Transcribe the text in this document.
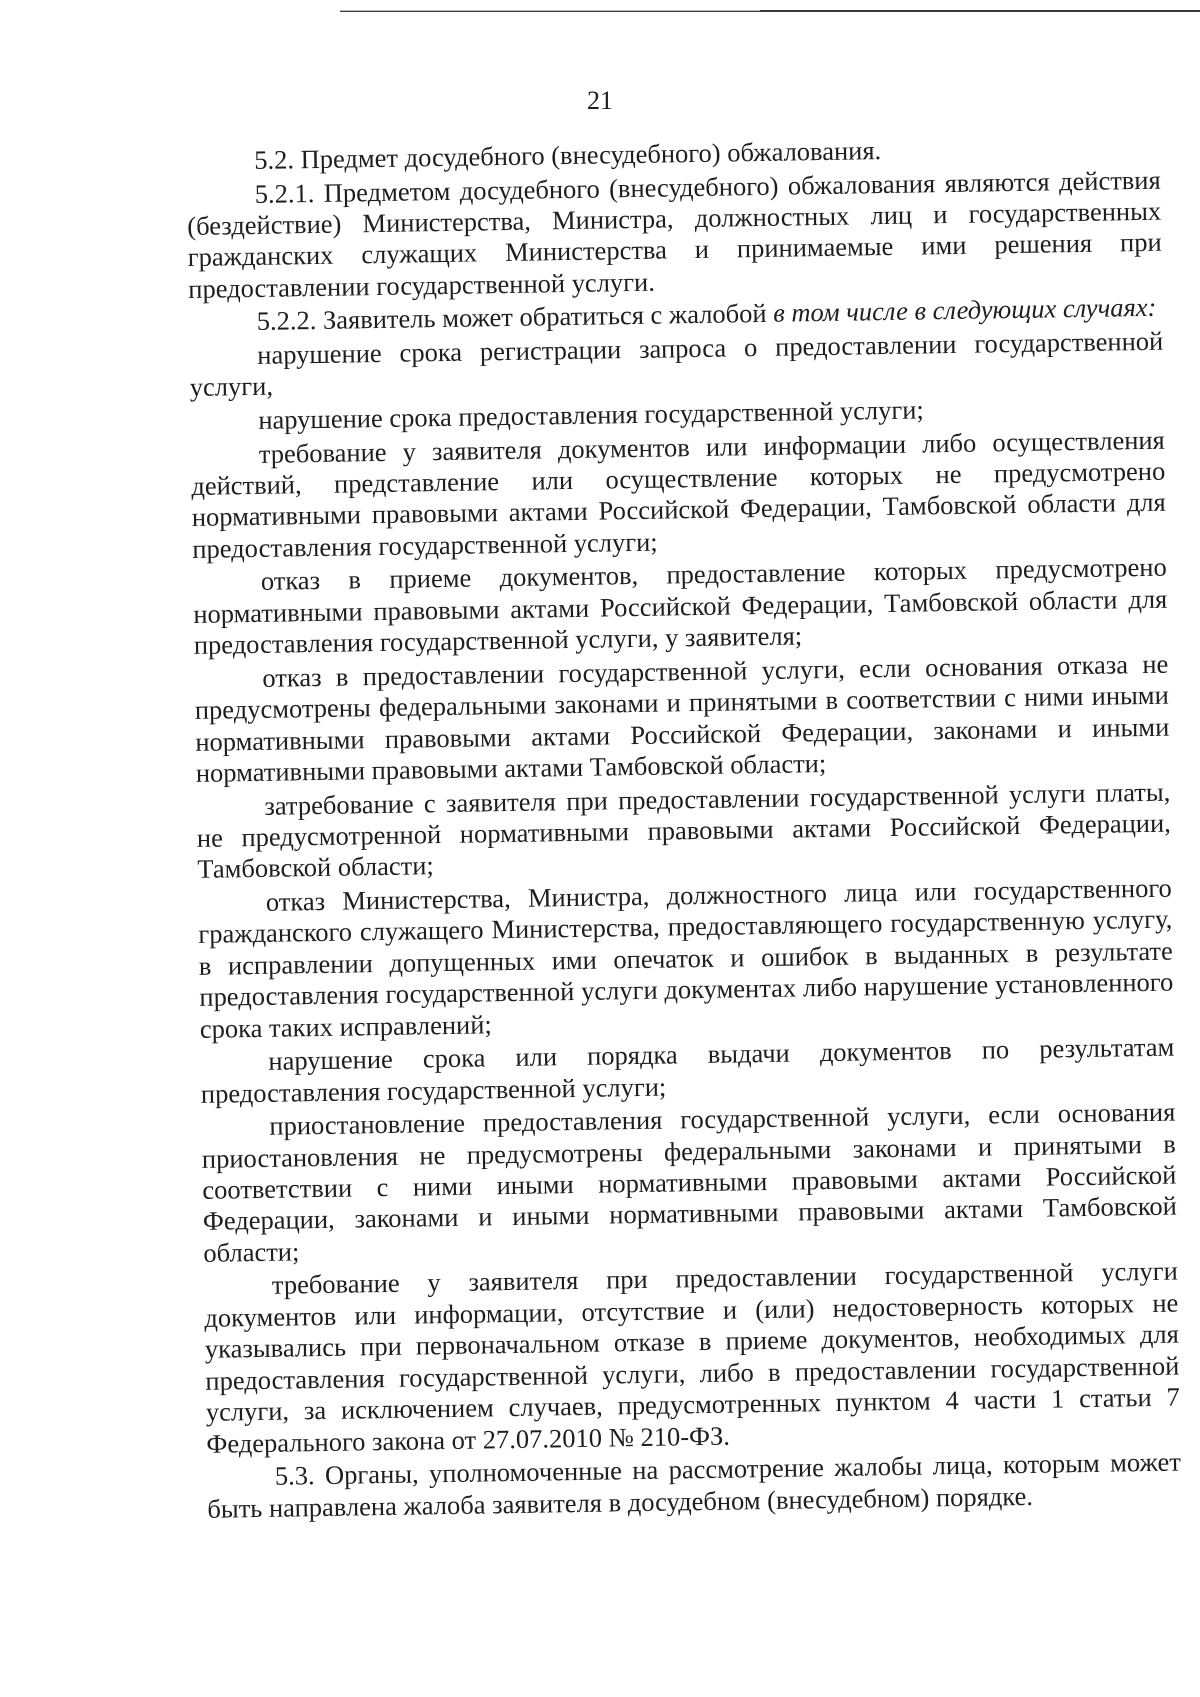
21

5.2. Предмет досудебного (внесудебного) обжалования.

5.2.1. Предметом досудебного (внесудебного) обжалования являются действия (бездействие) Министерства, Министра, должностных лиц и государственных гражданских служащих Министерства и принимаемые ими решения при предоставлении государственной услуги.

5.2.2. Заявитель может обратиться с жалобой в том числе в следующих случаях:

нарушение срока регистрации запроса о предоставлении государственной услуги,

нарушение срока предоставления государственной услуги;

требование у заявителя документов или информации либо осуществления действий, представление или осуществление которых не предусмотрено нормативными правовыми актами Российской Федерации, Тамбовской области для предоставления государственной услуги;

отказ в приеме документов, предоставление которых предусмотрено нормативными правовыми актами Российской Федерации, Тамбовской области для предоставления государственной услуги, у заявителя;

отказ в предоставлении государственной услуги, если основания отказа не предусмотрены федеральными законами и принятыми в соответствии с ними иными нормативными правовыми актами Российской Федерации, законами и иными нормативными правовыми актами Тамбовской области;

затребование с заявителя при предоставлении государственной услуги платы, не предусмотренной нормативными правовыми актами Российской Федерации, Тамбовской области;

отказ Министерства, Министра, должностного лица или государственного гражданского служащего Министерства, предоставляющего государственную услугу, в исправлении допущенных ими опечаток и ошибок в выданных в результате предоставления государственной услуги документах либо нарушение установленного срока таких исправлений;

нарушение срока или порядка выдачи документов по результатам предоставления государственной услуги;

приостановление предоставления государственной услуги, если основания приостановления не предусмотрены федеральными законами и принятыми в соответствии с ними иными нормативными правовыми актами Российской Федерации, законами и иными нормативными правовыми актами Тамбовской области;

требование у заявителя при предоставлении государственной услуги документов или информации, отсутствие и (или) недостоверность которых не указывались при первоначальном отказе в приеме документов, необходимых для предоставления государственной услуги, либо в предоставлении государственной услуги, за исключением случаев, предусмотренных пунктом 4 части 1 статьи 7 Федерального закона от 27.07.2010 № 210-ФЗ.

5.3. Органы, уполномоченные на рассмотрение жалобы лица, которым может быть направлена жалоба заявителя в досудебном (внесудебном) порядке.
